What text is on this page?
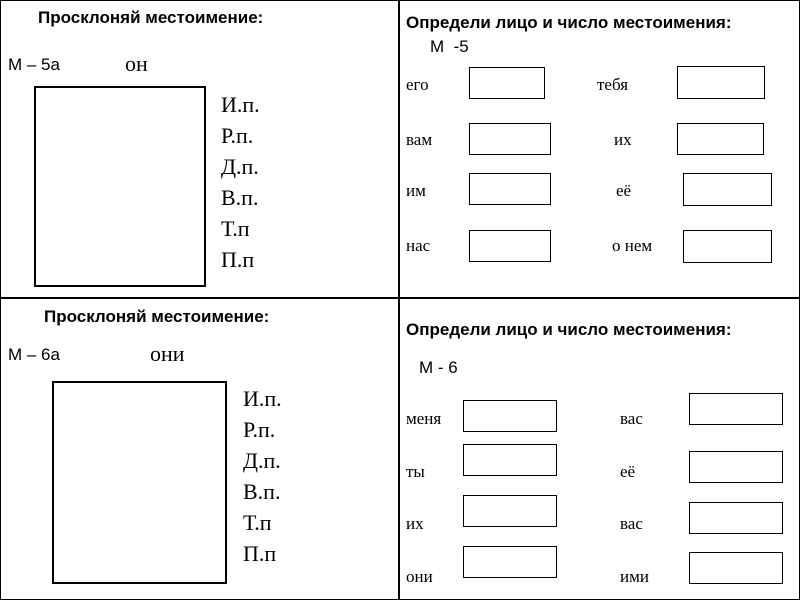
Просклоняй местоимение:
М – 5а	он
И.п.
Р.п.
Д.п.
В.п.
Т.п
П.п
Просклоняй местоимение:
М – 6а	они
И.п.
Р.п.
Д.п.
В.п.
Т.п
П.п
Определи лицо и число местоимения:
М  -5
его	тебя
вам	их
им	её
нас	о нем
Определи лицо и число местоимения:
М - 6
меня	вас
ты	её
их	вас
они	ими
